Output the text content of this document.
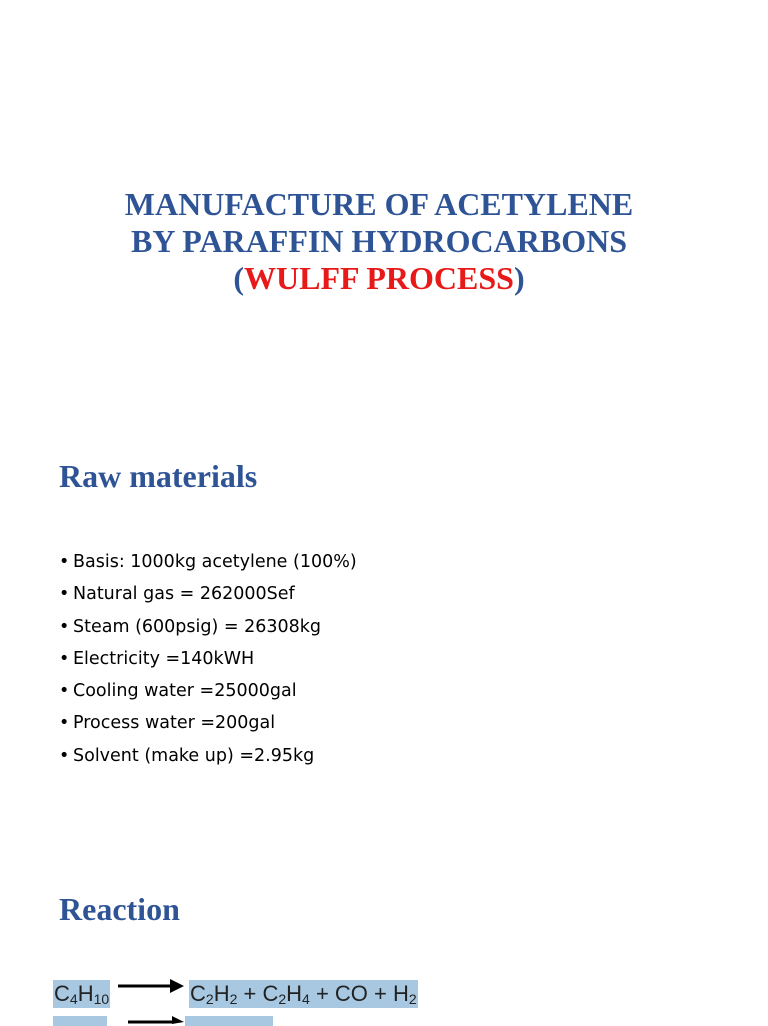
MANUFACTURE OF ACETYLENE
BY PARAFFIN HYDROCARBONS
(WULFF PROCESS)
Raw materials
• Basis: 1000kg acetylene (100%)
• Natural gas = 262000Sef
• Steam (600psig) = 26308kg
• Electricity =140kWH
• Cooling water =25000gal
• Process water =200gal
• Solvent (make up) =2.95kg
Reaction
$C_4H_{10}$	$C_2H_2 + C_2H_4$ + CO + $H_2$
